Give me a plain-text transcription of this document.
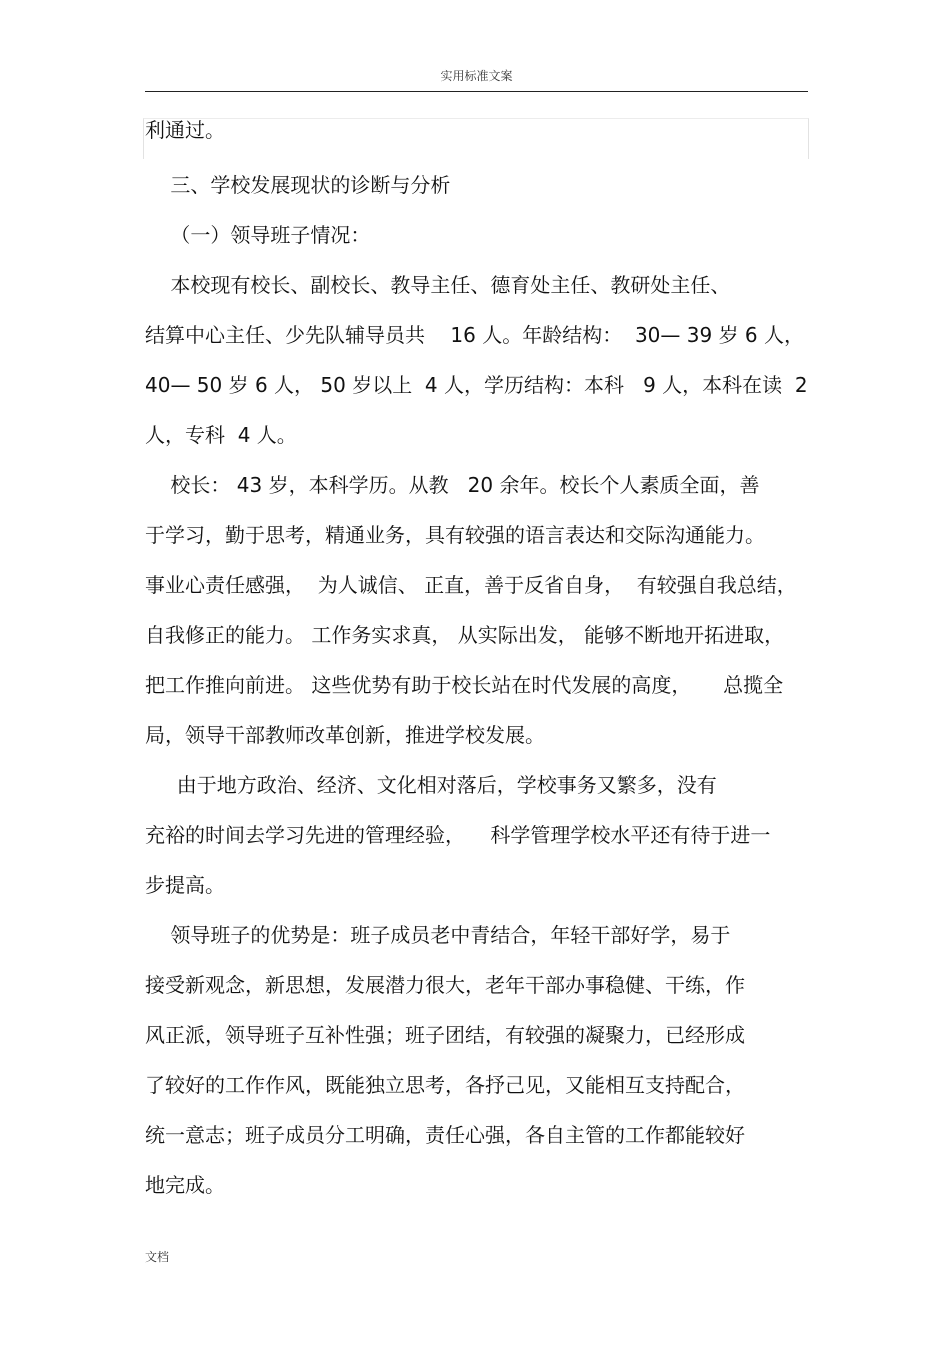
实用标准文案
利通过。
三、学校发展现状的诊断与分析
（一）领导班子情况：
本校现有校长、副校长、教导主任、德育处主任、教研处主任、
结算中心主任、少先队辅导员共    16 人。年龄结构：  30— 39 岁 6 人，
40— 50 岁 6 人， 50 岁以上  4 人，学历结构：本科   9 人，本科在读  2
人，专科  4 人。
校长： 43 岁，本科学历。从教   20 余年。校长个人素质全面，善
于学习，勤于思考，精通业务，具有较强的语言表达和交际沟通能力。
事业心责任感强，  为人诚信、 正直，善于反省自身，  有较强自我总结，
自我修正的能力。 工作务实求真， 从实际出发， 能够不断地开拓进取，
把工作推向前进。 这些优势有助于校长站在时代发展的高度，     总揽全
局，领导干部教师改革创新，推进学校发展。
由于地方政治、经济、文化相对落后，学校事务又繁多，没有
充裕的时间去学习先进的管理经验，    科学管理学校水平还有待于进一
步提高。
领导班子的优势是：班子成员老中青结合，年轻干部好学，易于
接受新观念，新思想，发展潜力很大，老年干部办事稳健、干练，作
风正派，领导班子互补性强；班子团结，有较强的凝聚力，已经形成
了较好的工作作风，既能独立思考，各抒己见，又能相互支持配合，
统一意志；班子成员分工明确，责任心强，各自主管的工作都能较好
地完成。
文档
